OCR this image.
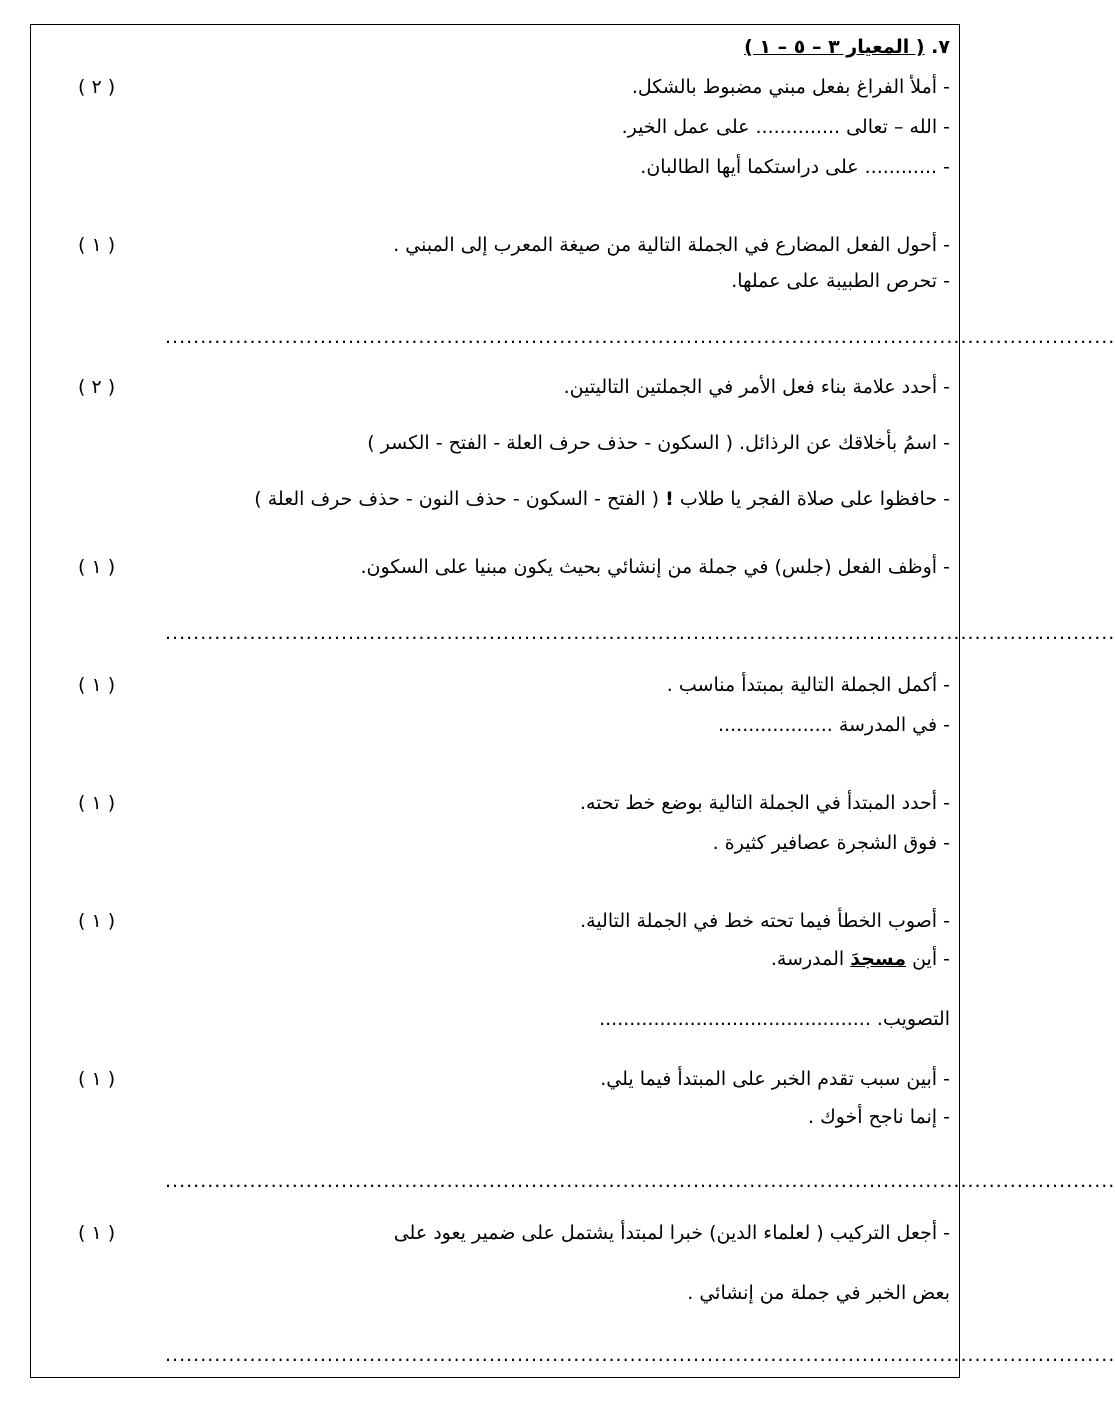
٧. ( المعيار ٣ – ٥ – ١ )
- أملأ الفراغ بفعل مبني مضبوط بالشكل.
( ٢ )
- الله – تعالى .............. على عمل الخير.
- ............ على دراستكما أيها الطالبان.
- أحول الفعل المضارع في الجملة التالية من صيغة المعرب إلى المبني .
( ١ )
- تحرص الطبيبة على عملها.
.......................................................................................................................................
- أحدد علامة بناء فعل الأمر في الجملتين التاليتين.
( ٢ )
- اسمُ بأخلاقك عن الرذائل. ( السكون - حذف حرف العلة - الفتح - الكسر )
- حافظوا على صلاة الفجر يا طلاب ! ( الفتح - السكون - حذف النون - حذف حرف العلة )
- أوظف الفعل (جلس) في جملة من إنشائي بحيث يكون مبنيا على السكون.
( ١ )
.......................................................................................................................................
- أكمل الجملة التالية بمبتدأ مناسب .
( ١ )
- في المدرسة ...................
- أحدد المبتدأ في الجملة التالية بوضع خط تحته.
( ١ )
- فوق الشجرة عصافير كثيرة .
- أصوب الخطأ فيما تحته خط في الجملة التالية.
( ١ )
- أين مسجدَ المدرسة.
التصويب. .............................................
- أبين سبب تقدم الخبر على المبتدأ فيما يلي.
( ١ )
- إنما ناجح أخوك .
.......................................................................................................................................
- أجعل التركيب ( لعلماء الدين) خبرا لمبتدأ يشتمل على ضمير يعود على
( ١ )
بعض الخبر في جملة من إنشائي .
.......................................................................................................................................
